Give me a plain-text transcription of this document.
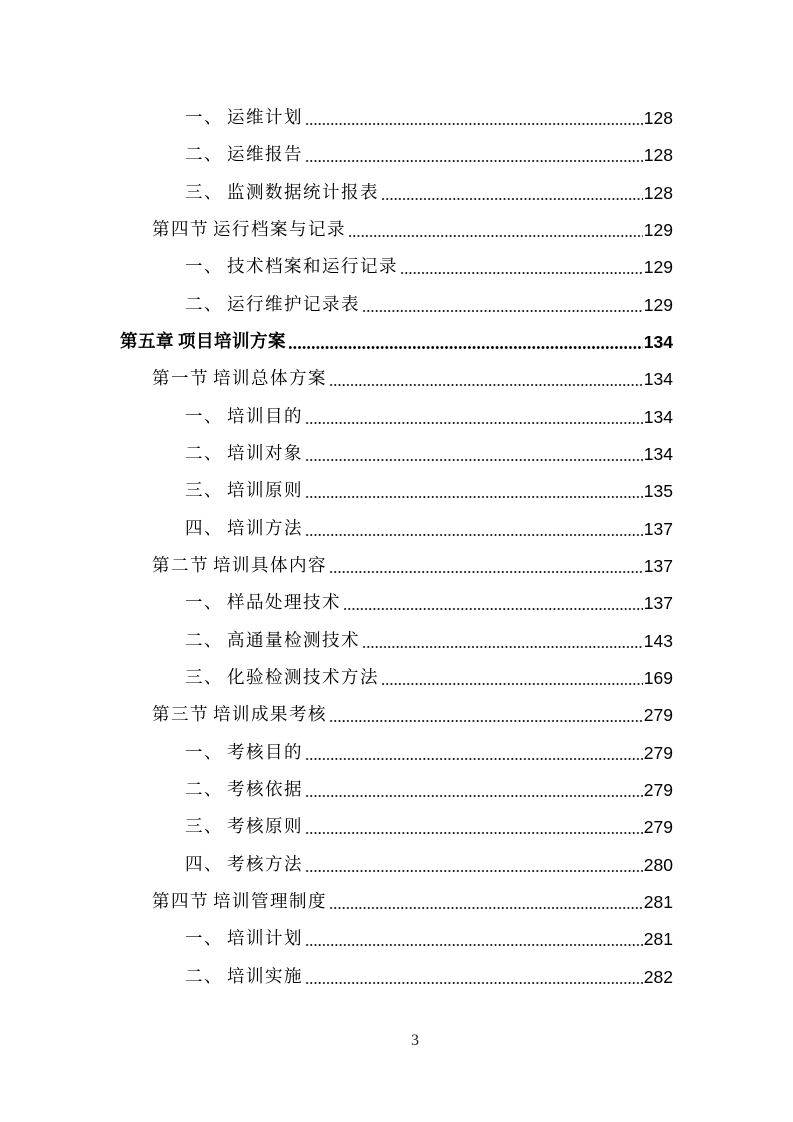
一、 运维计划	128
二、 运维报告	128
三、 监测数据统计报表	128
第四节 运行档案与记录	129
一、 技术档案和运行记录	129
二、 运行维护记录表	129
第五章 项目培训方案	134
第一节 培训总体方案	134
一、 培训目的	134
二、 培训对象	134
三、 培训原则	135
四、 培训方法	137
第二节 培训具体内容	137
一、 样品处理技术	137
二、 高通量检测技术	143
三、 化验检测技术方法	169
第三节 培训成果考核	279
一、 考核目的	279
二、 考核依据	279
三、 考核原则	279
四、 考核方法	280
第四节 培训管理制度	281
一、 培训计划	281
二、 培训实施	282
3
